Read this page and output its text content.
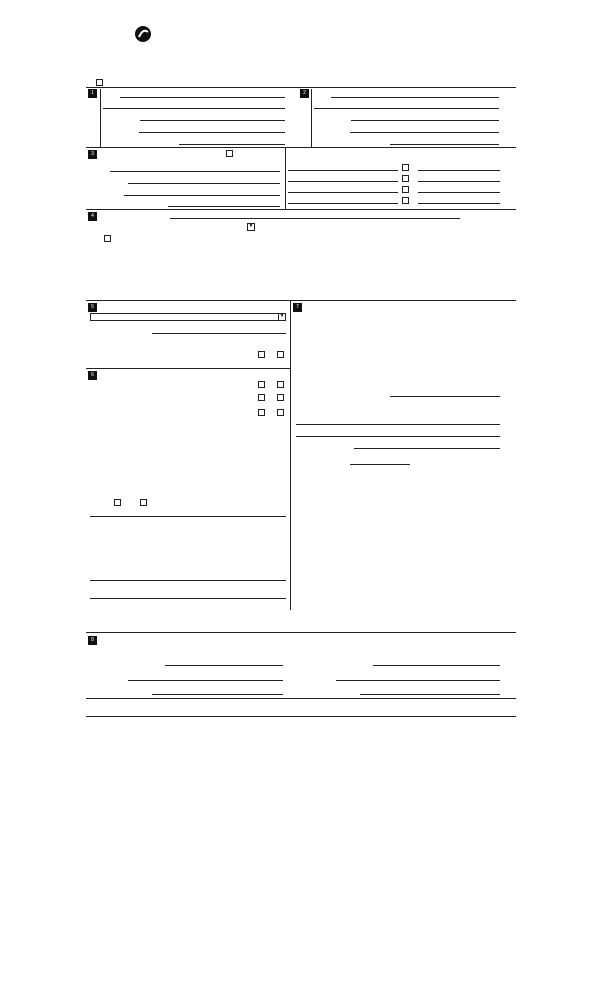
1	2
3
4
▼
5
▼
7
6
8
